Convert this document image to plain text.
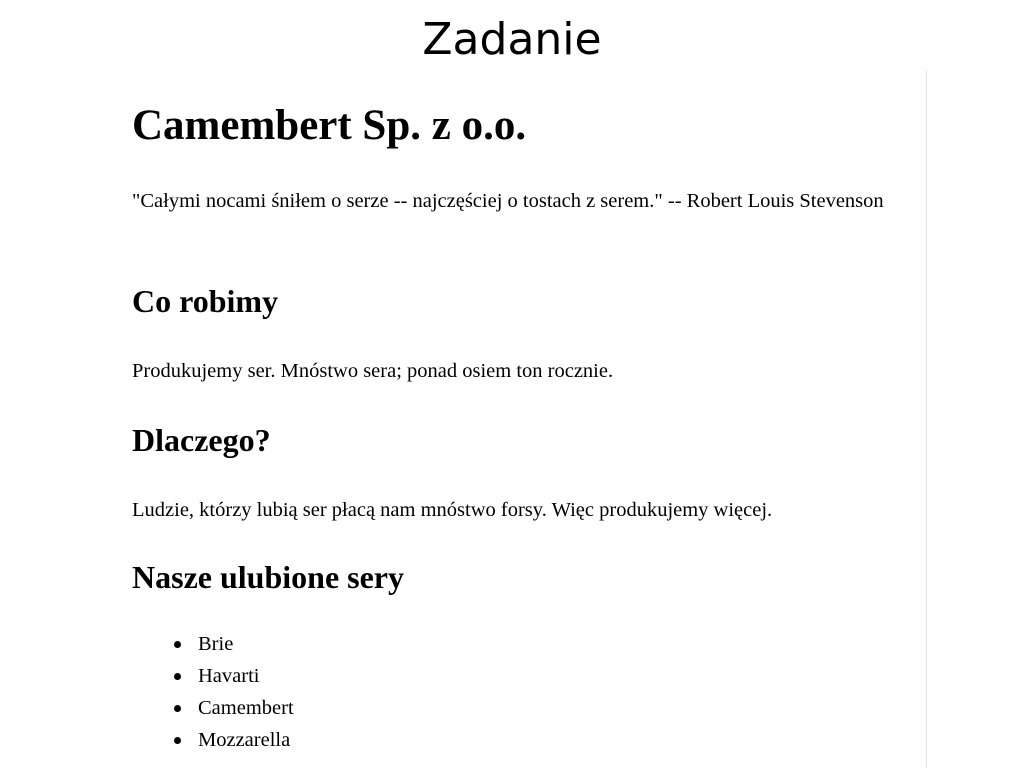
Zadanie
Camembert Sp. z o.o.

"Całymi nocami śniłem o serze -- najczęściej o tostach z serem." -- Robert Louis Stevenson

Co robimy

Produkujemy ser. Mnóstwo sera; ponad osiem ton rocznie.

Dlaczego?

Ludzie, którzy lubią ser płacą nam mnóstwo forsy. Więc produkujemy więcej.

Nasze ulubione sery
Brie
Havarti
Camembert
Mozzarella
